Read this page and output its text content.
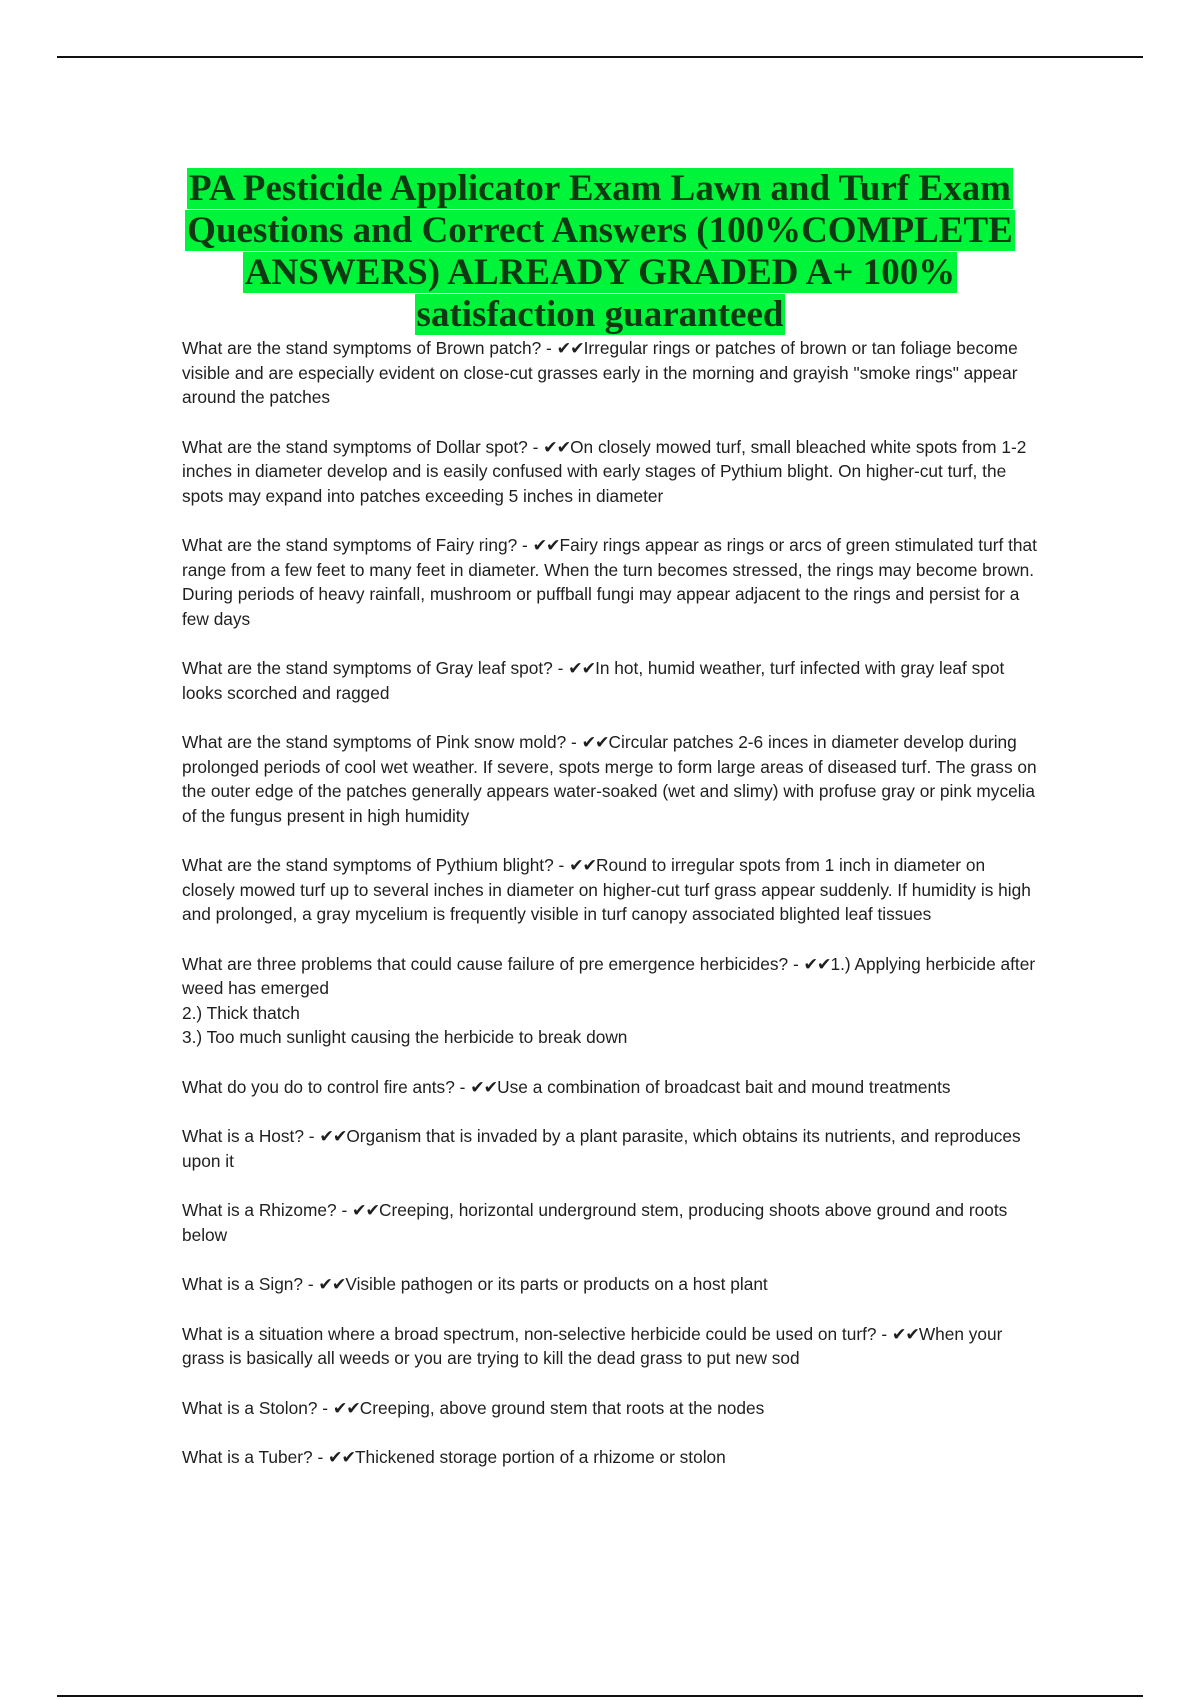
PA Pesticide Applicator Exam Lawn and Turf Exam Questions and Correct Answers (100%COMPLETE ANSWERS) ALREADY GRADED A+ 100% satisfaction guaranteed

What are the stand symptoms of Brown patch? - ✔✔Irregular rings or patches of brown or tan foliage become visible and are especially evident on close-cut grasses early in the morning and grayish "smoke rings" appear around the patches

What are the stand symptoms of Dollar spot? - ✔✔On closely mowed turf, small bleached white spots from 1-2 inches in diameter develop and is easily confused with early stages of Pythium blight. On higher-cut turf, the spots may expand into patches exceeding 5 inches in diameter

What are the stand symptoms of Fairy ring? - ✔✔Fairy rings appear as rings or arcs of green stimulated turf that range from a few feet to many feet in diameter. When the turn becomes stressed, the rings may become brown. During periods of heavy rainfall, mushroom or puffball fungi may appear adjacent to the rings and persist for a few days

What are the stand symptoms of Gray leaf spot? - ✔✔In hot, humid weather, turf infected with gray leaf spot looks scorched and ragged

What are the stand symptoms of Pink snow mold? - ✔✔Circular patches 2-6 inces in diameter develop during prolonged periods of cool wet weather. If severe, spots merge to form large areas of diseased turf. The grass on the outer edge of the patches generally appears water-soaked (wet and slimy) with profuse gray or pink mycelia of the fungus present in high humidity

What are the stand symptoms of Pythium blight? - ✔✔Round to irregular spots from 1 inch in diameter on closely mowed turf up to several inches in diameter on higher-cut turf grass appear suddenly. If humidity is high and prolonged, a gray mycelium is frequently visible in turf canopy associated blighted leaf tissues

What are three problems that could cause failure of pre emergence herbicides? - ✔✔1.) Applying herbicide after weed has emerged
2.) Thick thatch
3.) Too much sunlight causing the herbicide to break down

What do you do to control fire ants? - ✔✔Use a combination of broadcast bait and mound treatments

What is a Host? - ✔✔Organism that is invaded by a plant parasite, which obtains its nutrients, and reproduces upon it

What is a Rhizome? - ✔✔Creeping, horizontal underground stem, producing shoots above ground and roots below

What is a Sign? - ✔✔Visible pathogen or its parts or products on a host plant

What is a situation where a broad spectrum, non-selective herbicide could be used on turf? - ✔✔When your grass is basically all weeds or you are trying to kill the dead grass to put new sod

What is a Stolon? - ✔✔Creeping, above ground stem that roots at the nodes

What is a Tuber? - ✔✔Thickened storage portion of a rhizome or stolon
